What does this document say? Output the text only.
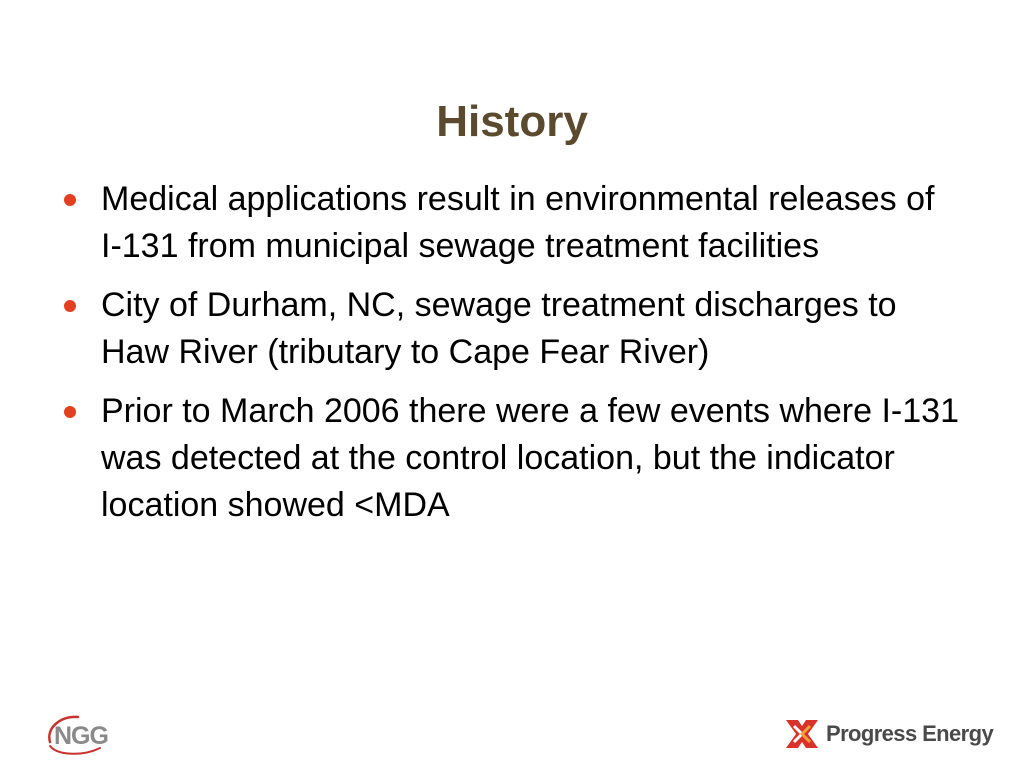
History
Medical applications result in environmental releases of I-131 from municipal sewage treatment facilities
City of Durham, NC, sewage treatment discharges to Haw River (tributary to Cape Fear River)
Prior to March 2006 there were a few events where I-131 was detected at the control location, but the indicator location showed <MDA
NGG	Progress Energy
